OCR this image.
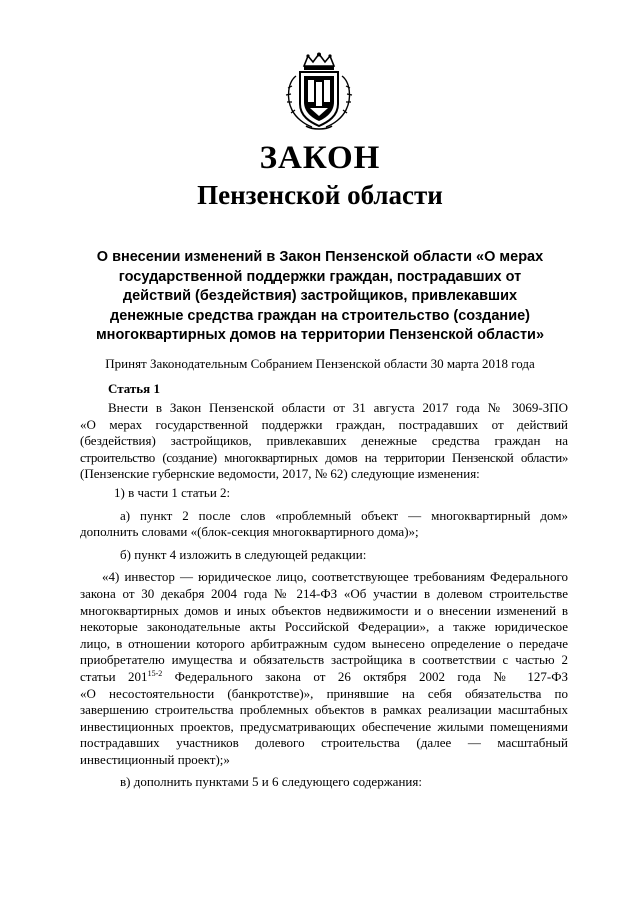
ЗАКОН
Пензенской области
О внесении изменений в Закон Пензенской области «О мерах
государственной поддержки граждан, пострадавших от
действий (бездействия) застройщиков, привлекавших
денежные средства граждан на строительство (создание)
многоквартирных домов на территории Пензенской области»
Принят Законодательным Собранием Пензенской области 30 марта 2018 года
Статья 1

Внести в Закон Пензенской области от 31 августа 2017 года № 3069-ЗПО

«О мерах государственной поддержки граждан, пострадавших от действий

(бездействия) застройщиков, привлекавших денежные средства граждан на

строительство (создание) многоквартирных домов на территории Пензенской области»

(Пензенские губернские ведомости, 2017, № 62) следующие изменения:

1) в части 1 статьи 2:

а) пункт 2 после слов «проблемный объект — многоквартирный дом»

дополнить словами «(блок-секция многоквартирного дома)»;

б) пункт 4 изложить в следующей редакции:

«4) инвестор — юридическое лицо, соответствующее требованиям Федерального

закона от 30 декабря 2004 года № 214-ФЗ «Об участии в долевом строительстве

многоквартирных домов и иных объектов недвижимости и о внесении изменений в

некоторые законодательные акты Российской Федерации», а также юридическое

лицо, в отношении которого арбитражным судом вынесено определение о передаче

приобретателю имущества и обязательств застройщика в соответствии с частью 2

статьи 201$^{15-2}$ Федерального закона от 26 октября 2002 года № 127-ФЗ

«О несостоятельности (банкротстве)», принявшие на себя обязательства по

завершению строительства проблемных объектов в рамках реализации масштабных

инвестиционных проектов, предусматривающих обеспечение жилыми помещениями

пострадавших участников долевого строительства (далее — масштабный

инвестиционный проект);»

в) дополнить пунктами 5 и 6 следующего содержания:
